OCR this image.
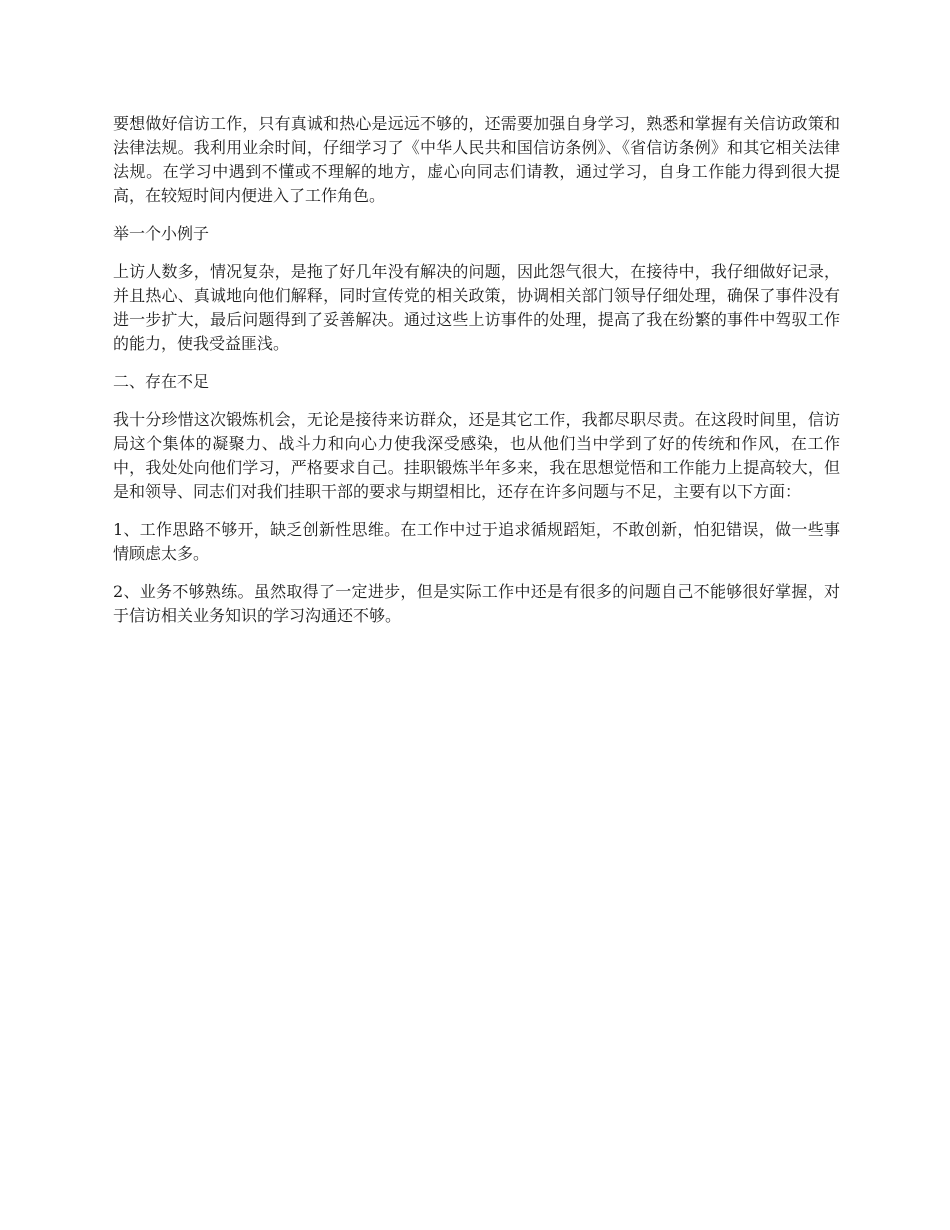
要想做好信访工作，只有真诚和热心是远远不够的，还需要加强自身学习，熟悉和掌握有关信访政策和法律法规。我利用业余时间，仔细学习了《中华人民共和国信访条例》、《省信访条例》和其它相关法律法规。在学习中遇到不懂或不理解的地方，虚心向同志们请教，通过学习，自身工作能力得到很大提高，在较短时间内便进入了工作角色。

举一个小例子

上访人数多，情况复杂，是拖了好几年没有解决的问题，因此怨气很大，在接待中，我仔细做好记录，并且热心、真诚地向他们解释，同时宣传党的相关政策，协调相关部门领导仔细处理，确保了事件没有进一步扩大，最后问题得到了妥善解决。通过这些上访事件的处理，提高了我在纷繁的事件中驾驭工作的能力，使我受益匪浅。

二、存在不足

我十分珍惜这次锻炼机会，无论是接待来访群众，还是其它工作，我都尽职尽责。在这段时间里，信访局这个集体的凝聚力、战斗力和向心力使我深受感染，也从他们当中学到了好的传统和作风，在工作中，我处处向他们学习，严格要求自己。挂职锻炼半年多来，我在思想觉悟和工作能力上提高较大，但是和领导、同志们对我们挂职干部的要求与期望相比，还存在许多问题与不足，主要有以下方面：

1、工作思路不够开，缺乏创新性思维。在工作中过于追求循规蹈矩，不敢创新，怕犯错误，做一些事情顾虑太多。

2、业务不够熟练。虽然取得了一定进步，但是实际工作中还是有很多的问题自己不能够很好掌握，对于信访相关业务知识的学习沟通还不够。
